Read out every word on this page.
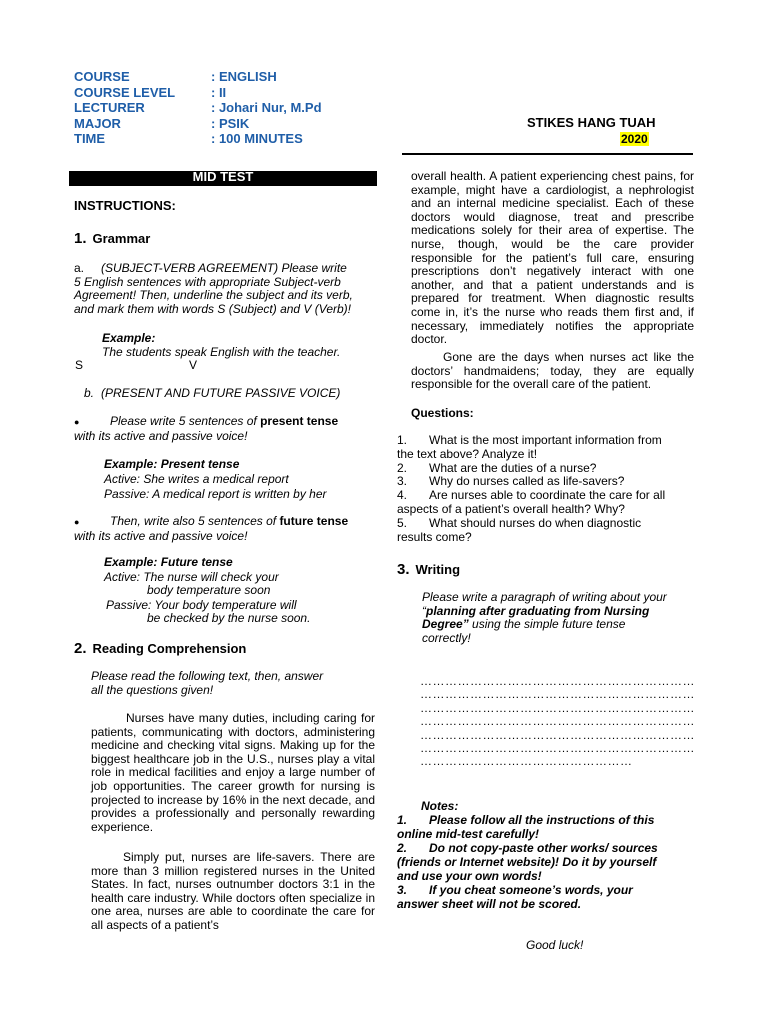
COURSE	: ENGLISH
COURSE LEVEL	: II
LECTURER	: Johari Nur, M.Pd
MAJOR	: PSIK
TIME	: 100 MINUTES
STIKES HANG TUAH
2020
MID TEST
INSTRUCTIONS:
1. Grammar
a. (SUBJECT-VERB AGREEMENT) Please write
5 English sentences with appropriate Subject-verb
Agreement! Then, underline the subject and its verb,
and mark them with words S (Subject) and V (Verb)!
Example:
The students speak English with the teacher.
S	V
b. (PRESENT AND FUTURE PASSIVE VOICE)
●	Please write 5 sentences of present tense
with its active and passive voice!
Example: Present tense
Active: She writes a medical report
Passive: A medical report is written by her
●	Then, write also 5 sentences of future tense
with its active and passive voice!
Example: Future tense
Active: The nurse will check your
body temperature soon
Passive: Your body temperature will
be checked by the nurse soon.
2. Reading Comprehension
Please read the following text, then, answer
all the questions given!
Nurses have many duties, including caring for patients, communicating with doctors, administering medicine and checking vital signs. Making up for the biggest healthcare job in the U.S., nurses play a vital role in medical facilities and enjoy a large number of job opportunities. The career growth for nursing is projected to increase by 16% in the next decade, and provides a professionally and personally rewarding experience.
Simply put, nurses are life-savers. There are more than 3 million registered nurses in the United States. In fact, nurses outnumber doctors 3:1 in the health care industry. While doctors often specialize in one area, nurses are able to coordinate the care for all aspects of a patient’s
overall health. A patient experiencing chest pains, for example, might have a cardiologist, a nephrologist and an internal medicine specialist. Each of these doctors would diagnose, treat and prescribe medications solely for their area of expertise. The nurse, though, would be the care provider responsible for the patient’s full care, ensuring prescriptions don’t negatively interact with one another, and that a patient understands and is prepared for treatment. When diagnostic results come in, it’s the nurse who reads them first and, if necessary, immediately notifies the appropriate doctor.
Gone are the days when nurses act like the doctors’ handmaidens; today, they are equally responsible for the overall care of the patient.
Questions:
1.	What is the most important information from
the text above? Analyze it!
2.	What are the duties of a nurse?
3.	Why do nurses called as life-savers?
4.	Are nurses able to coordinate the care for all
aspects of a patient’s overall health? Why?
5.	What should nurses do when diagnostic
results come?
3. Writing
Please write a paragraph of writing about your
“planning after graduating from Nursing
Degree” using the simple future tense
correctly!
…………………………………………………………
…………………………………………………………
…………………………………………………………
…………………………………………………………
…………………………………………………………
…………………………………………………………
……………………………………………
Notes:
1.	Please follow all the instructions of this
online mid-test carefully!
2.	Do not copy-paste other works/ sources
(friends or Internet website)! Do it by yourself
and use your own words!
3.	If you cheat someone’s words, your
answer sheet will not be scored.
Good luck!
